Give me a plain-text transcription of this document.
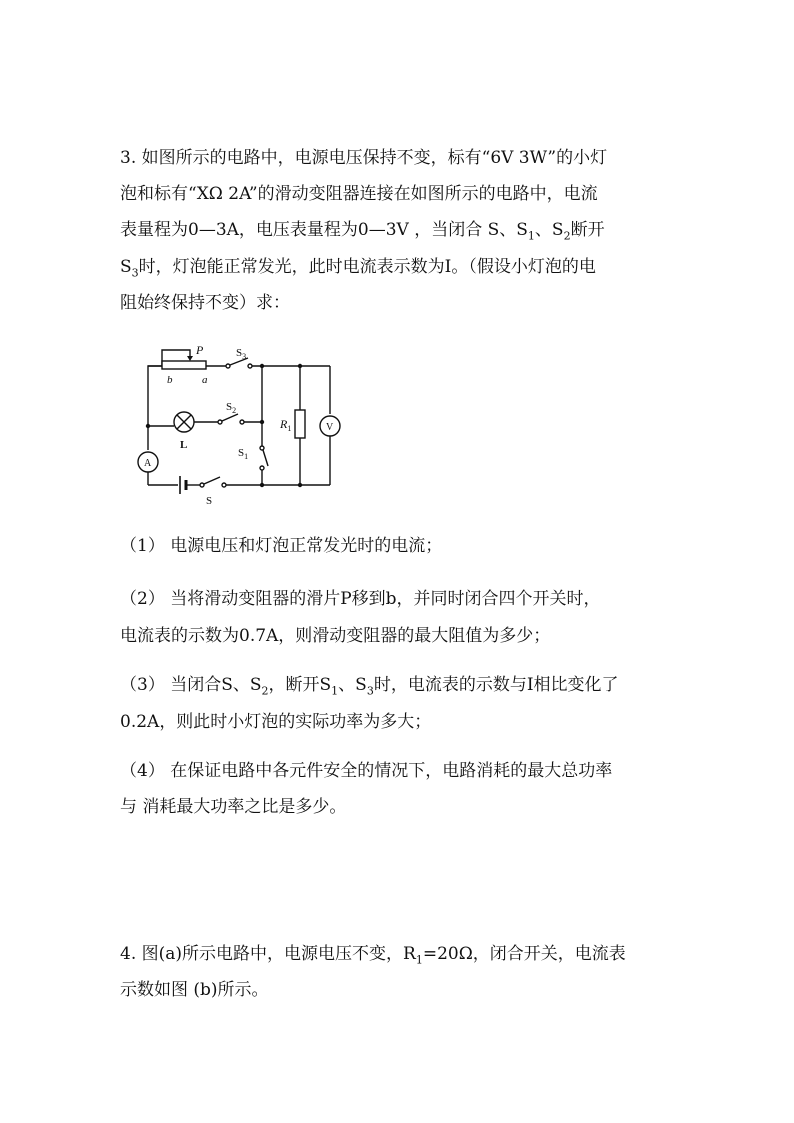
3. 如图所示的电路中，电源电压保持不变，标有“6V 3W”的小灯
泡和标有“XΩ 2A”的滑动变阻器连接在如图所示的电路中，电流
表量程为0—3A，电压表量程为0—3V ，当闭合 S、$S_1$、$S_2$断开
$S_3$时，灯泡能正常发光，此时电流表示数为I。（假设小灯泡的电
阻始终保持不变）求：
P
b	a
$S_3$
$S_2$
$S_1$
S
L
$R_1$
A
V
（1） 电源电压和灯泡正常发光时的电流；
（2） 当将滑动变阻器的滑片P移到b，并同时闭合四个开关时，
电流表的示数为0.7A，则滑动变阻器的最大阻值为多少；
（3） 当闭合S、$S_2$，断开$S_1$、$S_3$时，电流表的示数与I相比变化了
0.2A，则此时小灯泡的实际功率为多大；
（4） 在保证电路中各元件安全的情况下，电路消耗的最大总功率
与 消耗最大功率之比是多少。
4. 图(a)所示电路中，电源电压不变，$R_1=20\Omega$，闭合开关，电流表
示数如图 (b)所示。
